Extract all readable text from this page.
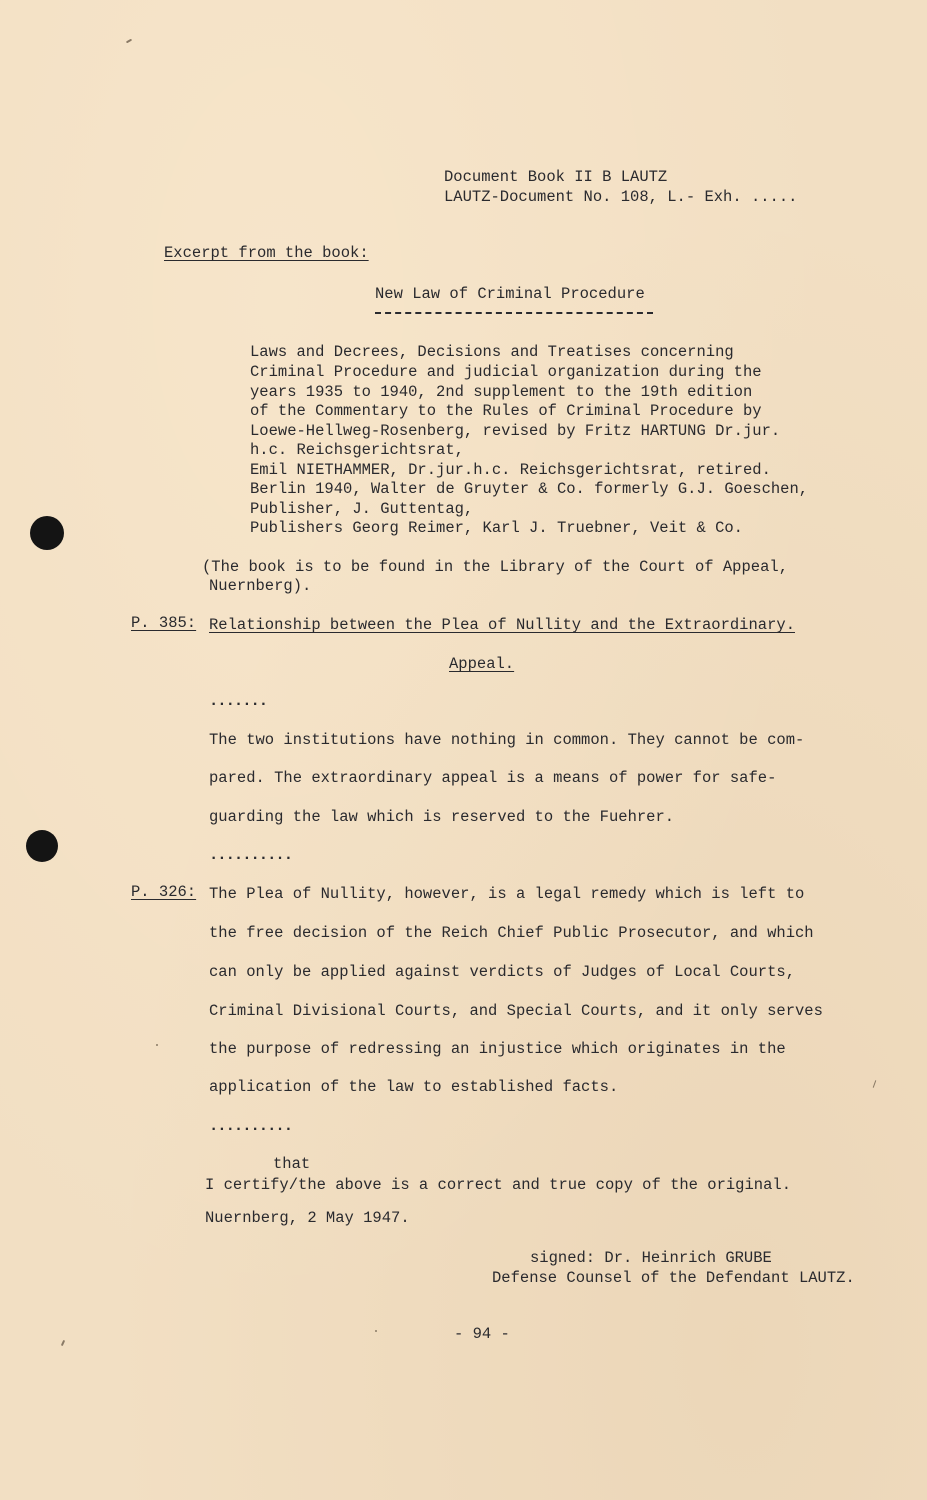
Document Book II B LAUTZ
LAUTZ-Document No. 108, L.- Exh. .....
Excerpt from the book:
New Law of Criminal Procedure
Laws and Decrees, Decisions and Treatises concerning
Criminal Procedure and judicial organization during the
years 1935 to 1940, 2nd supplement to the 19th edition
of the Commentary to the Rules of Criminal Procedure by
Loewe-Hellweg-Rosenberg, revised by Fritz HARTUNG Dr.jur.
h.c. Reichsgerichtsrat,
Emil NIETHAMMER, Dr.jur.h.c. Reichsgerichtsrat, retired.
Berlin 1940, Walter de Gruyter & Co. formerly G.J. Goeschen,
Publisher, J. Guttentag,
Publishers Georg Reimer, Karl J. Truebner, Veit & Co.
(The book is to be found in the Library of the Court of Appeal,
Nuernberg).
P. 385: Relationship between the Plea of Nullity and the Extraordinary.
Appeal.
.......
The two institutions have nothing in common. They cannot be com-
pared. The extraordinary appeal is a means of power for safe-
guarding the law which is reserved to the Fuehrer.
..........
P. 326: The Plea of Nullity, however, is a legal remedy which is left to
the free decision of the Reich Chief Public Prosecutor, and which
can only be applied against verdicts of Judges of Local Courts,
Criminal Divisional Courts, and Special Courts, and it only serves
the purpose of redressing an injustice which originates in the
application of the law to established facts.
..........
that
I certify/the above is a correct and true copy of the original.
Nuernberg, 2 May 1947.
signed: Dr. Heinrich GRUBE
Defense Counsel of the Defendant LAUTZ.
- 94 -
